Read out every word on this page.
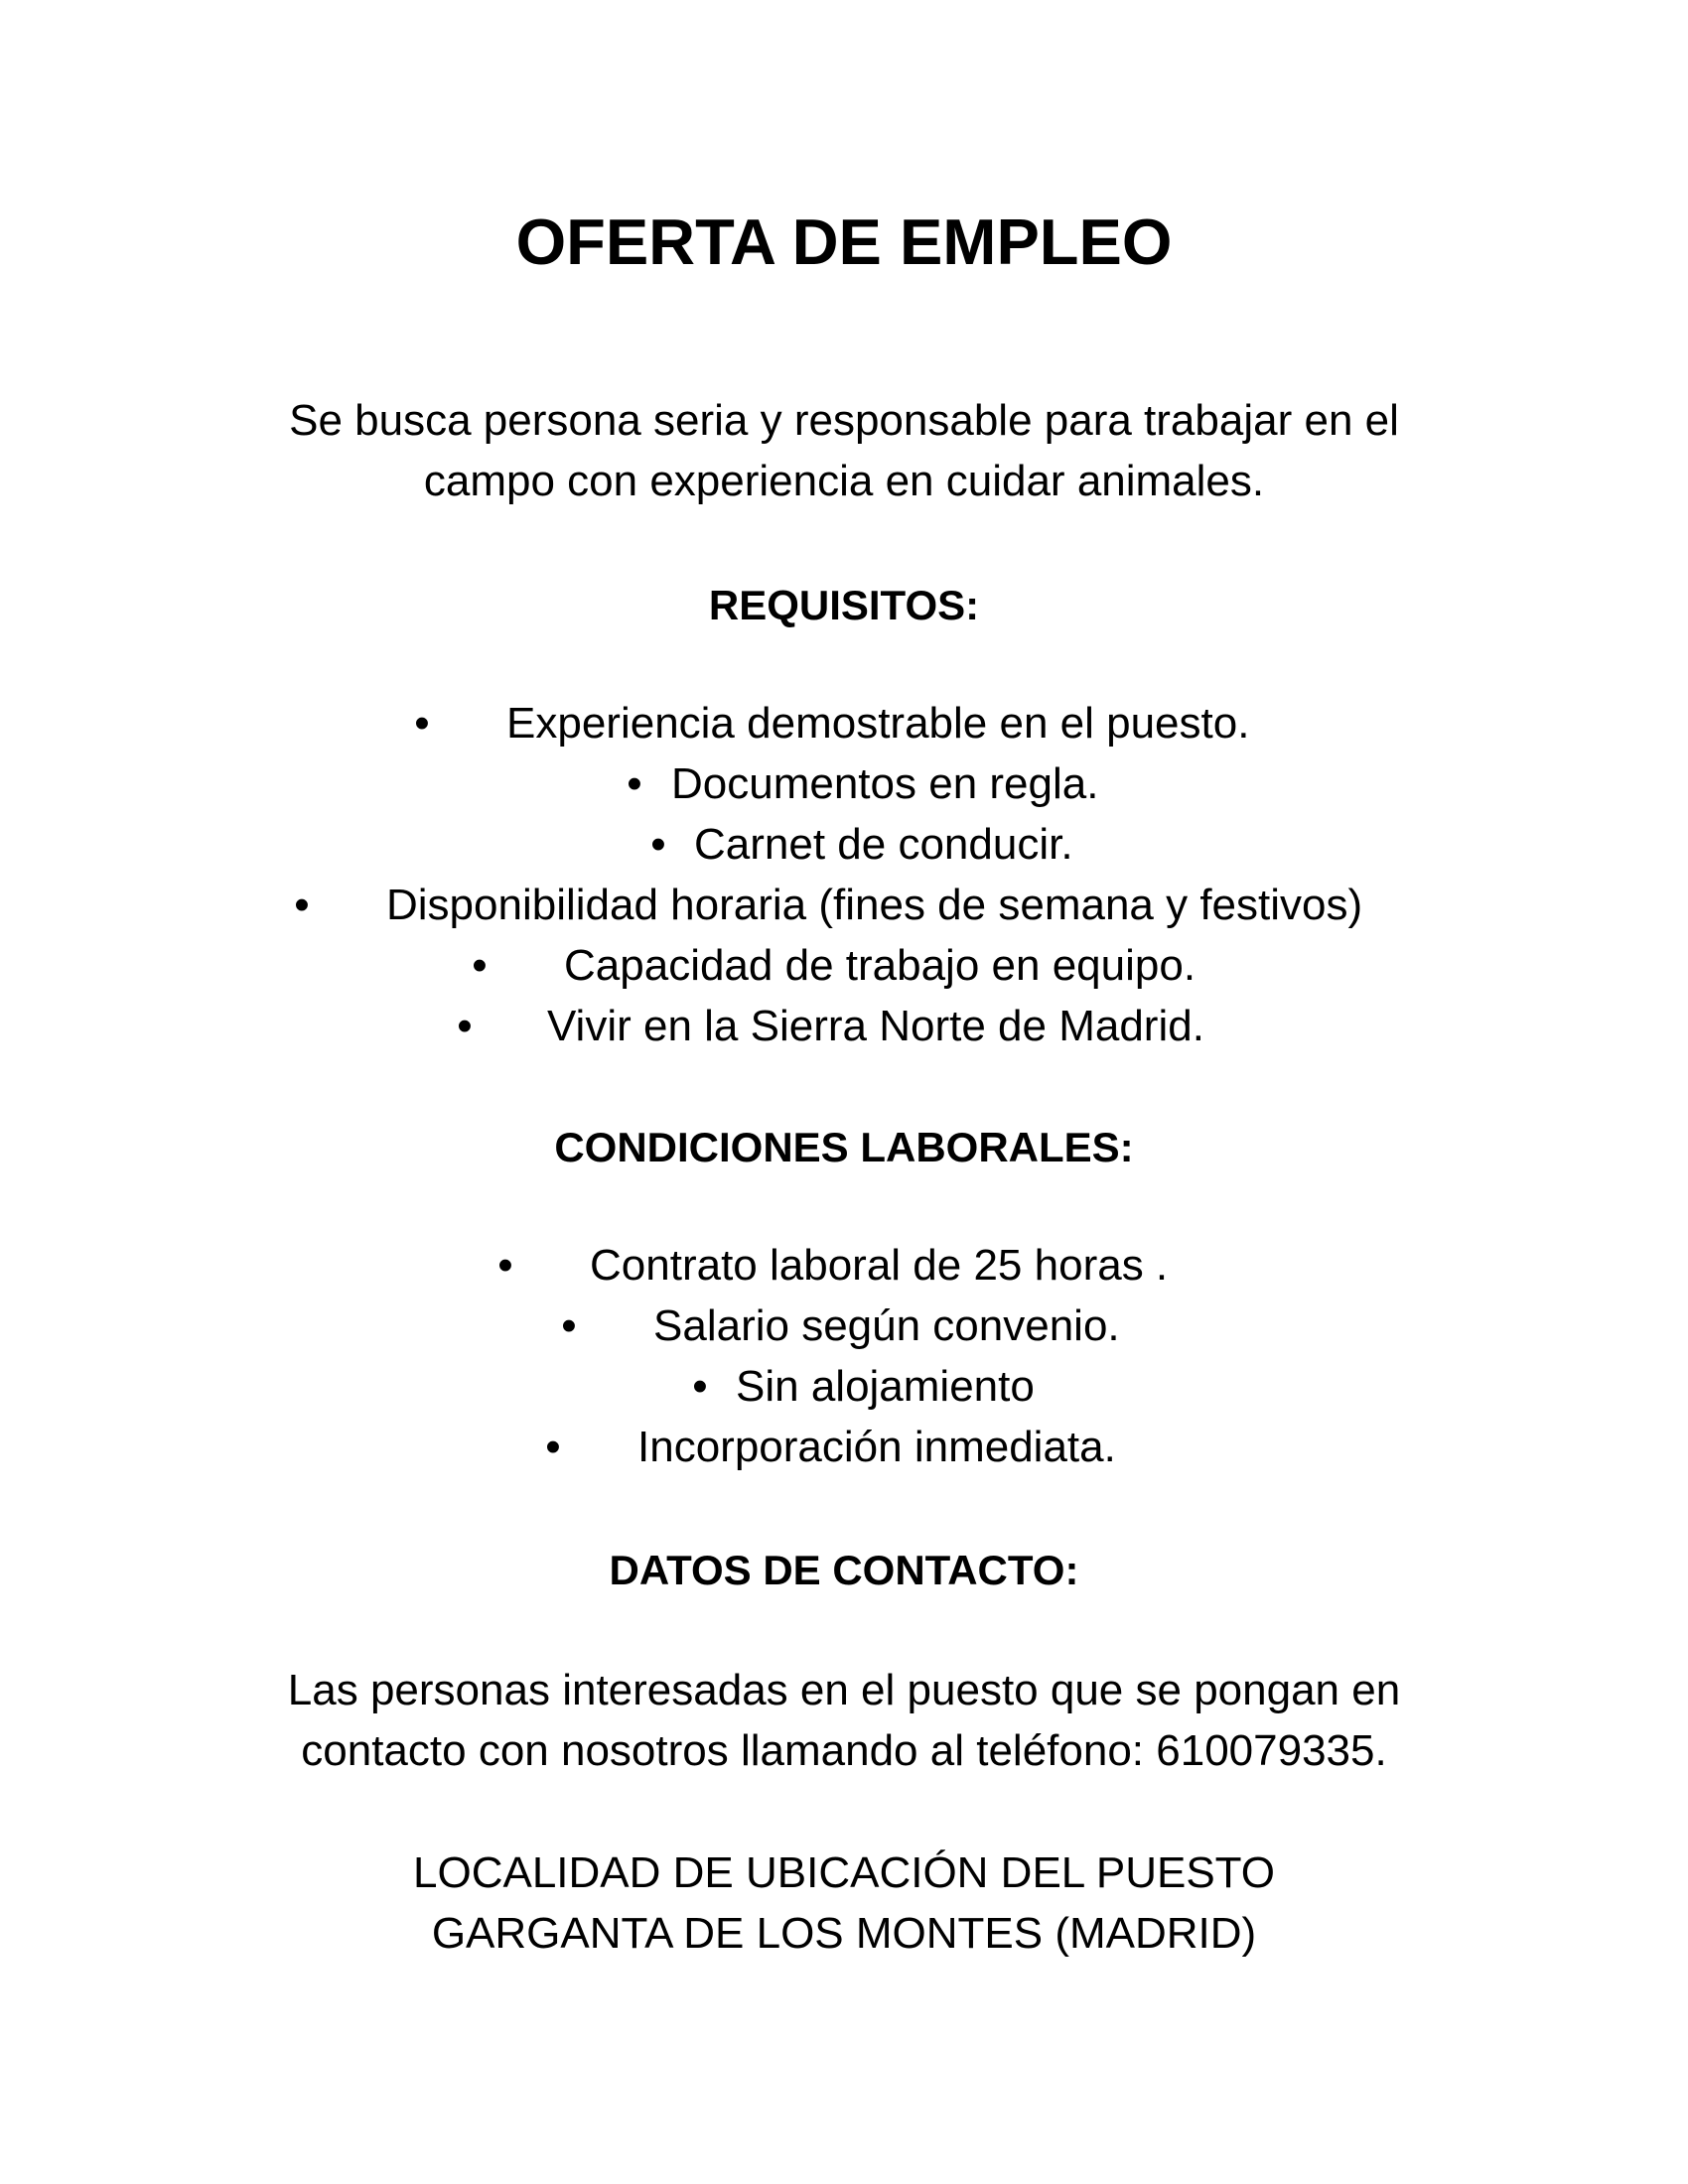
OFERTA DE EMPLEO
Se busca persona seria y responsable para trabajar en el
campo con experiencia en cuidar animales.
REQUISITOS:
• Experiencia demostrable en el puesto.
• Documentos en regla.
• Carnet de conducir.
• Disponibilidad horaria (fines de semana y festivos)
• Capacidad de trabajo en equipo.
• Vivir en la Sierra Norte de Madrid.
CONDICIONES LABORALES:
• Contrato laboral de 25 horas .
• Salario según convenio.
• Sin alojamiento
• Incorporación inmediata.
DATOS DE CONTACTO:
Las personas interesadas en el puesto que se pongan en
contacto con nosotros llamando al teléfono: 610079335.
LOCALIDAD DE UBICACIÓN DEL PUESTO
GARGANTA DE LOS MONTES (MADRID)
